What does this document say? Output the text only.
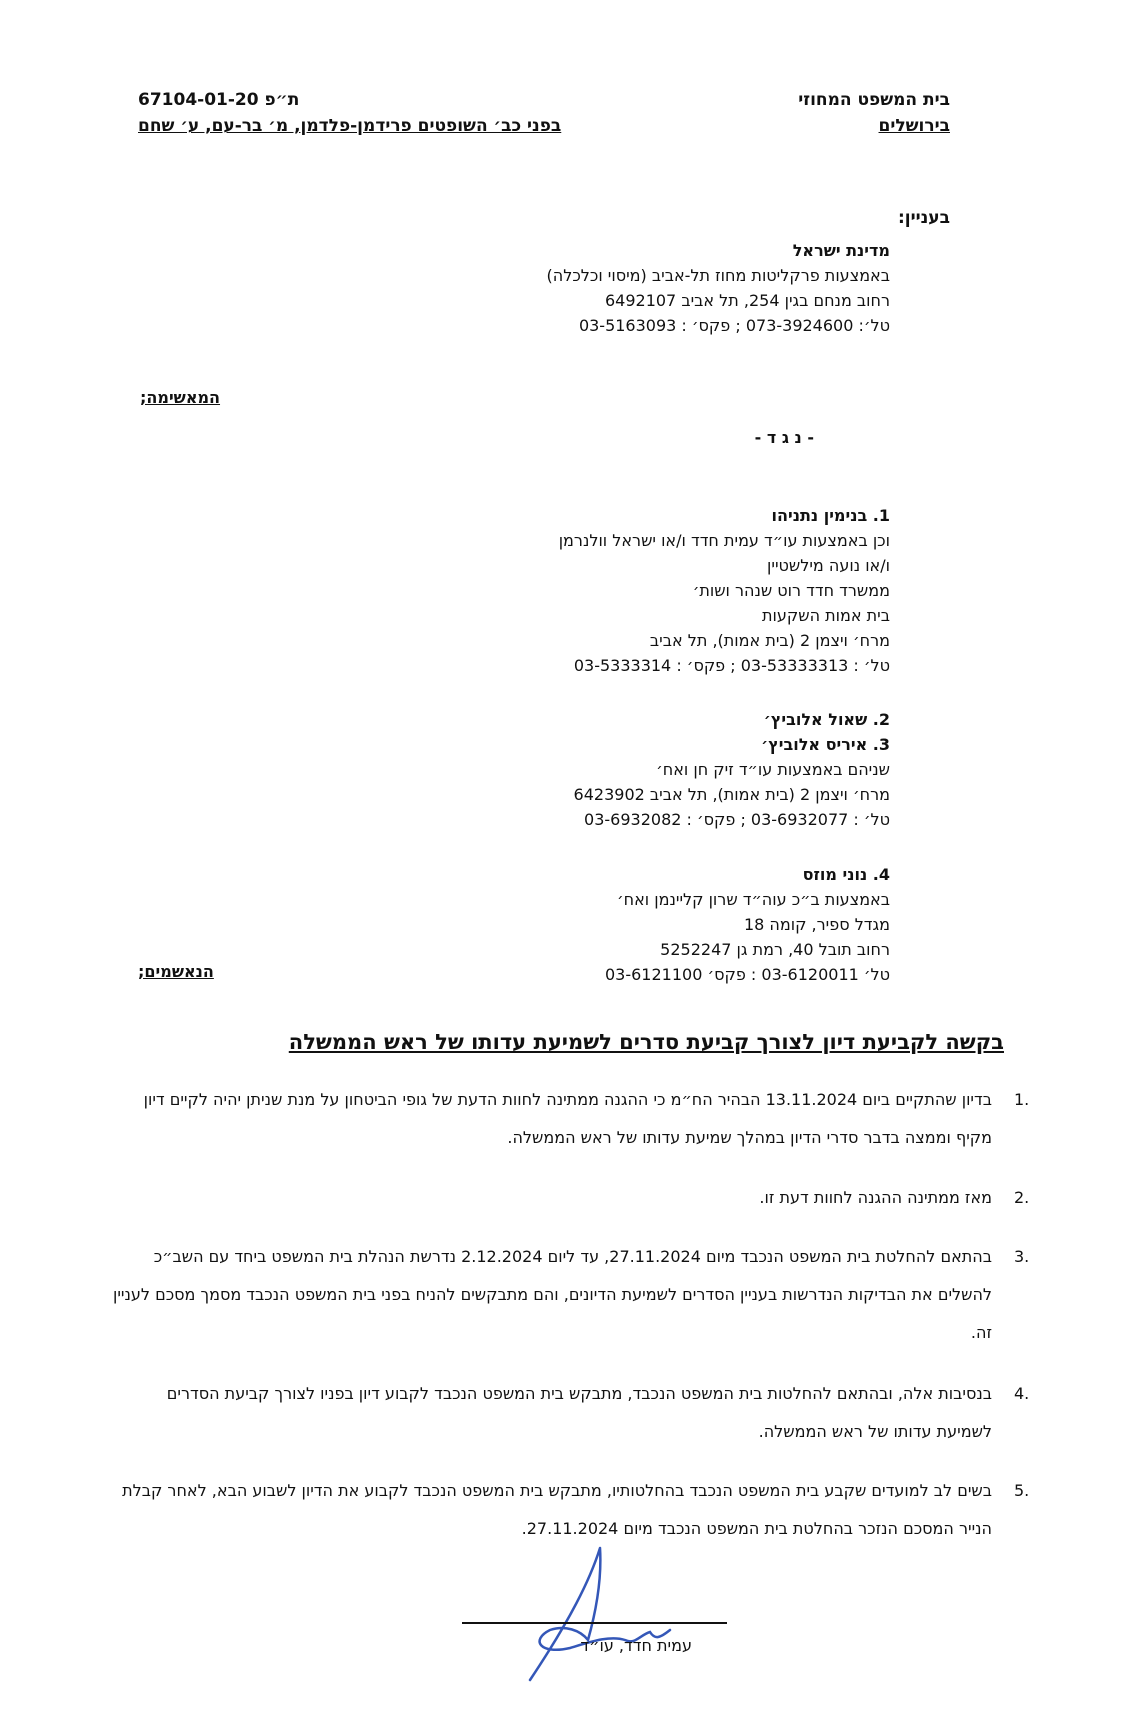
בית המשפט המחוזי
בירושלים
ת״פ 67104-01-20
בפני כב׳ השופטים פרידמן-פלדמן, מ׳ בר-עם, ע׳ שחם
בעניין:
מדינת ישראל
באמצעות פרקליטות מחוז תל-אביב (מיסוי וכלכלה)
רחוב מנחם בגין 254, תל אביב 6492107
טל׳: 073-3924600 ; פקס׳ : 03-5163093
המאשימה;
- נ ג ד -
1. בנימין נתניהו
וכן באמצעות עו״ד עמית חדד ו/או ישראל וולנרמן
ו/או נועה מילשטיין
ממשרד חדד רוט שנהר ושות׳
בית אמות השקעות
מרח׳ ויצמן 2 (בית אמות), תל אביב
טל׳ : 03-53333313 ; פקס׳ : 03-5333314
2. שאול אלוביץ׳
3. איריס אלוביץ׳
שניהם באמצעות עו״ד זיק חן ואח׳
מרח׳ ויצמן 2 (בית אמות), תל אביב 6423902
טל׳ : 03-6932077 ; פקס׳ : 03-6932082
4. נוני מוזס
באמצעות ב״כ עוה״ד שרון קליינמן ואח׳
מגדל ספיר, קומה 18
רחוב תובל 40, רמת גן 5252247
טל׳ 03-6120011 : פקס׳ 03-6121100
הנאשמים;
בקשה לקביעת דיון לצורך קביעת סדרים לשמיעת עדותו של ראש הממשלה
1.
בדיון שהתקיים ביום 13.11.2024 הבהיר הח״מ כי ההגנה ממתינה לחוות הדעת של גופי הביטחון על מנת שניתן יהיה לקיים דיון מקיף וממצה בדבר סדרי הדיון במהלך שמיעת עדותו של ראש הממשלה.
2.
מאז ממתינה ההגנה לחוות דעת זו.
3.
בהתאם להחלטת בית המשפט הנכבד מיום 27.11.2024, עד ליום 2.12.2024 נדרשת הנהלת בית המשפט ביחד עם השב״כ להשלים את הבדיקות הנדרשות בעניין הסדרים לשמיעת הדיונים, והם מתבקשים להניח בפני בית המשפט הנכבד מסמך מסכם לעניין זה.
4.
בנסיבות אלה, ובהתאם להחלטות בית המשפט הנכבד, מתבקש בית המשפט הנכבד לקבוע דיון בפניו לצורך קביעת הסדרים לשמיעת עדותו של ראש הממשלה.
5.
בשים לב למועדים שקבע בית המשפט הנכבד בהחלטותיו, מתבקש בית המשפט הנכבד לקבוע את הדיון לשבוע הבא, לאחר קבלת הנייר המסכם הנזכר בהחלטת בית המשפט הנכבד מיום 27.11.2024.
עמית חדד, עו״ד
